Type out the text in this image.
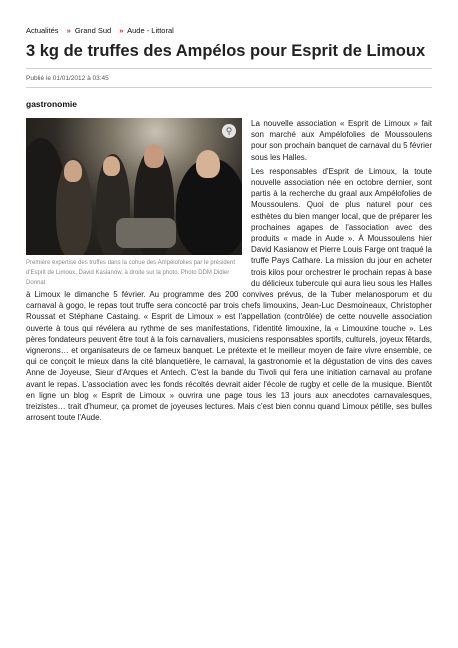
Actualités » Grand Sud » Aude - Littoral
3 kg de truffes des Ampélos pour Esprit de Limoux
Publié le 01/01/2012 à 03:45
gastronomie
⚲
Première expertise des truffes dans la cohue des Ampélofolies par le président d'Esprit de Limoux, David Kasianow, à droite sur la photo. Photo DDM Didier Donnat

La nouvelle association « Esprit de Limoux » fait son marché aux Ampélofolies de Moussoulens pour son prochain banquet de carnaval du 5 février sous les Halles.

Les responsables d'Esprit de Limoux, la toute nouvelle association née en octobre dernier, sont partis à la recherche du graal aux Ampélofolies de Moussoulens. Quoi de plus naturel pour ces esthètes du bien manger local, que de préparer les prochaines agapes de l'association avec des produits « made in Aude ». À Moussoulens hier David Kasianow et Pierre Louis Farge ont traqué la truffe Pays Cathare. La mission du jour en acheter trois kilos pour orchestrer le prochain repas à base du délicieux tubercule qui aura lieu sous les Halles à Limoux le dimanche 5 février. Au programme des 200 convives prévus, de la Tuber melanosporum et du carnaval à gogo, le repas tout truffe sera concocté par trois chefs limouxins, Jean-Luc Desmoineaux, Christopher Roussat et Stéphane Castaing. « Esprit de Limoux » est l'appellation (contrôlée) de cette nouvelle association ouverte à tous qui révélera au rythme de ses manifestations, l'identité limouxine, la « Limouxine touche ». Les pères fondateurs peuvent être tout à la fois carnavaliers, musiciens responsables sportifs, culturels, joyeux fêtards, vignerons… et organisateurs de ce fameux banquet. Le prétexte et le meilleur moyen de faire vivre ensemble, ce qui ce conçoit le mieux dans la cité blanquetière, le carnaval, la gastronomie et la dégustation de vins des caves Anne de Joyeuse, Sieur d'Arques et Antech. C'est la bande du Tivoli qui fera une initiation carnaval au profane avant le repas. L'association avec les fonds récoltés devrait aider l'école de rugby et celle de la musique. Bientôt en ligne un blog « Esprit de Limoux » ouvrira une page tous les 13 jours aux anecdotes carnavalesques, treizistes… trait d'humeur, ça promet de joyeuses lectures. Mais c'est bien connu quand Limoux pétille, ses bulles arrosent toute l'Aude.
